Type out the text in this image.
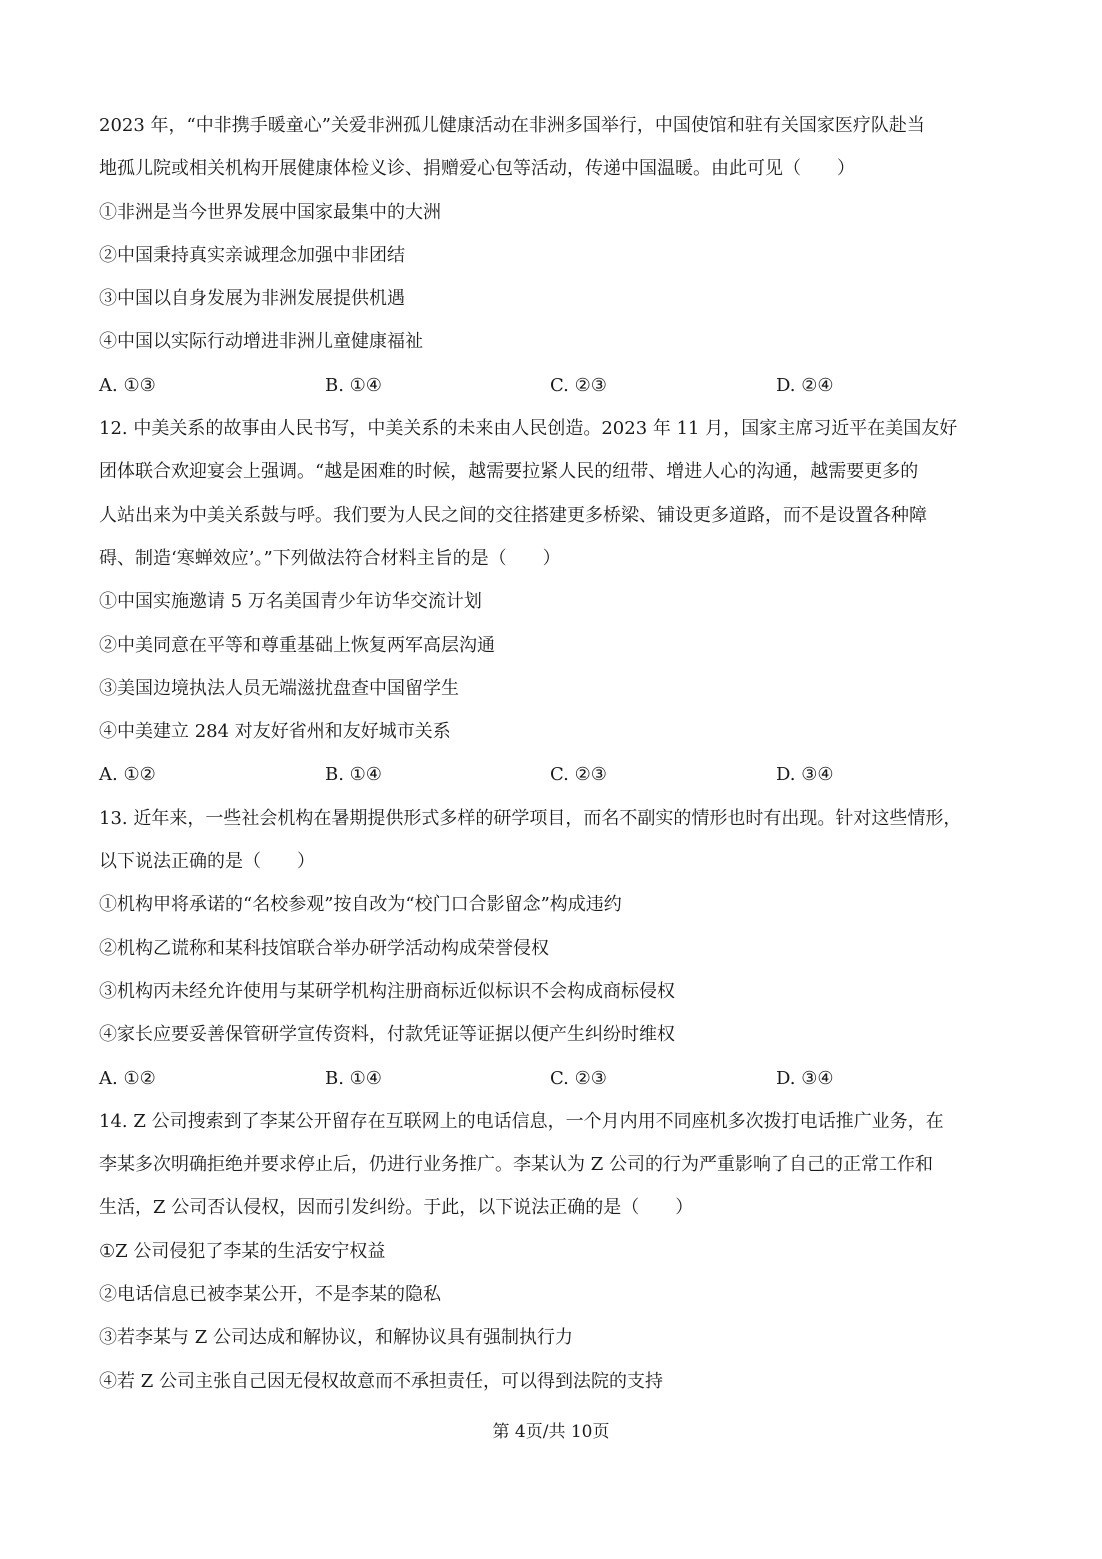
2023 年，“中非携手暖童心”关爱非洲孤儿健康活动在非洲多国举行，中国使馆和驻有关国家医疗队赴当
地孤儿院或相关机构开展健康体检义诊、捐赠爱心包等活动，传递中国温暖。由此可见（　　）
①非洲是当今世界发展中国家最集中的大洲
②中国秉持真实亲诚理念加强中非团结
③中国以自身发展为非洲发展提供机遇
④中国以实际行动增进非洲儿童健康福祉
A. ①③	B. ①④	C. ②③	D. ②④
12. 中美关系的故事由人民书写，中美关系的未来由人民创造。2023 年 11 月，国家主席习近平在美国友好
团体联合欢迎宴会上强调。“越是困难的时候，越需要拉紧人民的纽带、增进人心的沟通，越需要更多的
人站出来为中美关系鼓与呼。我们要为人民之间的交往搭建更多桥梁、铺设更多道路，而不是设置各种障
碍、制造‘寒蝉效应’。”下列做法符合材料主旨的是（　　）
①中国实施邀请 5 万名美国青少年访华交流计划
②中美同意在平等和尊重基础上恢复两军高层沟通
③美国边境执法人员无端滋扰盘查中国留学生
④中美建立 284 对友好省州和友好城市关系
A. ①②	B. ①④	C. ②③	D. ③④
13. 近年来，一些社会机构在暑期提供形式多样的研学项目，而名不副实的情形也时有出现。针对这些情形，
以下说法正确的是（　　）
①机构甲将承诺的“名校参观”按自改为“校门口合影留念”构成违约
②机构乙谎称和某科技馆联合举办研学活动构成荣誉侵权
③机构丙未经允许使用与某研学机构注册商标近似标识不会构成商标侵权
④家长应要妥善保管研学宣传资料，付款凭证等证据以便产生纠纷时维权
A. ①②	B. ①④	C. ②③	D. ③④
14. Z 公司搜索到了李某公开留存在互联网上的电话信息，一个月内用不同座机多次拨打电话推广业务，在
李某多次明确拒绝并要求停止后，仍进行业务推广。李某认为 Z 公司的行为严重影响了自己的正常工作和
生活，Z 公司否认侵权，因而引发纠纷。于此，以下说法正确的是（　　）
①Z 公司侵犯了李某的生活安宁权益
②电话信息已被李某公开，不是李某的隐私
③若李某与 Z 公司达成和解协议，和解协议具有强制执行力
④若 Z 公司主张自己因无侵权故意而不承担责任，可以得到法院的支持
第 4页/共 10页
